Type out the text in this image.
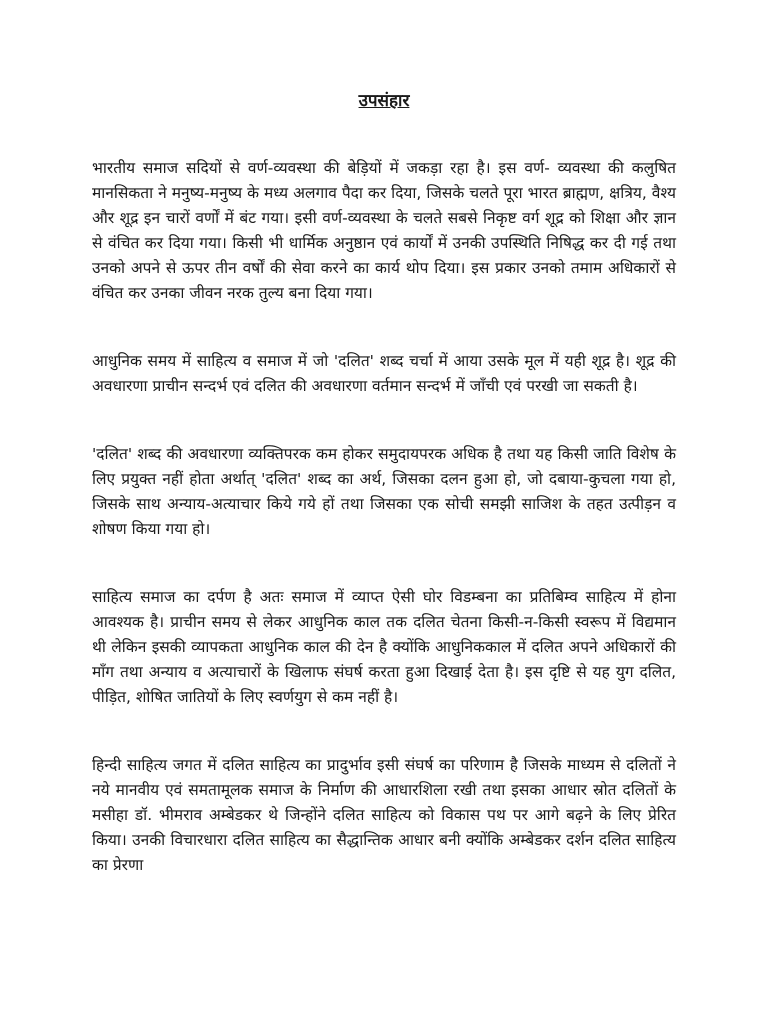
उपसंहार

भारतीय समाज सदियों से वर्ण-व्यवस्था की बेड़ियों में जकड़ा रहा है। इस वर्ण- व्यवस्था की कलुषित मानसिकता ने मनुष्य-मनुष्य के मध्य अलगाव पैदा कर दिया, जिसके चलते पूरा भारत ब्राह्मण, क्षत्रिय, वैश्य और शूद्र इन चारों वर्णों में बंट गया। इसी वर्ण-व्यवस्था के चलते सबसे निकृष्ट वर्ग शूद्र को शिक्षा और ज्ञान से वंचित कर दिया गया। किसी भी धार्मिक अनुष्ठान एवं कार्यों में उनकी उपस्थिति निषिद्ध कर दी गई तथा उनको अपने से ऊपर तीन वर्षों की सेवा करने का कार्य थोप दिया। इस प्रकार उनको तमाम अधिकारों से वंचित कर उनका जीवन नरक तुल्य बना दिया गया।

आधुनिक समय में साहित्य व समाज में जो 'दलित' शब्द चर्चा में आया उसके मूल में यही शूद्र है। शूद्र की अवधारणा प्राचीन सन्दर्भ एवं दलित की अवधारणा वर्तमान सन्दर्भ में जाँची एवं परखी जा सकती है।

'दलित' शब्द की अवधारणा व्यक्तिपरक कम होकर समुदायपरक अधिक है तथा यह किसी जाति विशेष के लिए प्रयुक्त नहीं होता अर्थात् 'दलित' शब्द का अर्थ, जिसका दलन हुआ हो, जो दबाया-कुचला गया हो, जिसके साथ अन्याय-अत्याचार किये गये हों तथा जिसका एक सोची समझी साजिश के तहत उत्पीड़न व शोषण किया गया हो।

साहित्य समाज का दर्पण है अतः समाज में व्याप्त ऐसी घोर विडम्बना का प्रतिबिम्व साहित्य में होना आवश्यक है। प्राचीन समय से लेकर आधुनिक काल तक दलित चेतना किसी-न-किसी स्वरूप में विद्यमान थी लेकिन इसकी व्यापकता आधुनिक काल की देन है क्योंकि आधुनिककाल में दलित अपने अधिकारों की माँग तथा अन्याय व अत्याचारों के खिलाफ संघर्ष करता हुआ दिखाई देता है। इस दृष्टि से यह युग दलित, पीड़ित, शोषित जातियों के लिए स्वर्णयुग से कम नहीं है।

हिन्दी साहित्य जगत में दलित साहित्य का प्रादुर्भाव इसी संघर्ष का परिणाम है जिसके माध्यम से दलितों ने नये मानवीय एवं समतामूलक समाज के निर्माण की आधारशिला रखी तथा इसका आधार स्रोत दलितों के मसीहा डॉ. भीमराव अम्बेडकर थे जिन्होंने दलित साहित्य को विकास पथ पर आगे बढ़ने के लिए प्रेरित किया। उनकी विचारधारा दलित साहित्य का सैद्धान्तिक आधार बनी क्योंकि अम्बेडकर दर्शन दलित साहित्य का प्रेरणा
